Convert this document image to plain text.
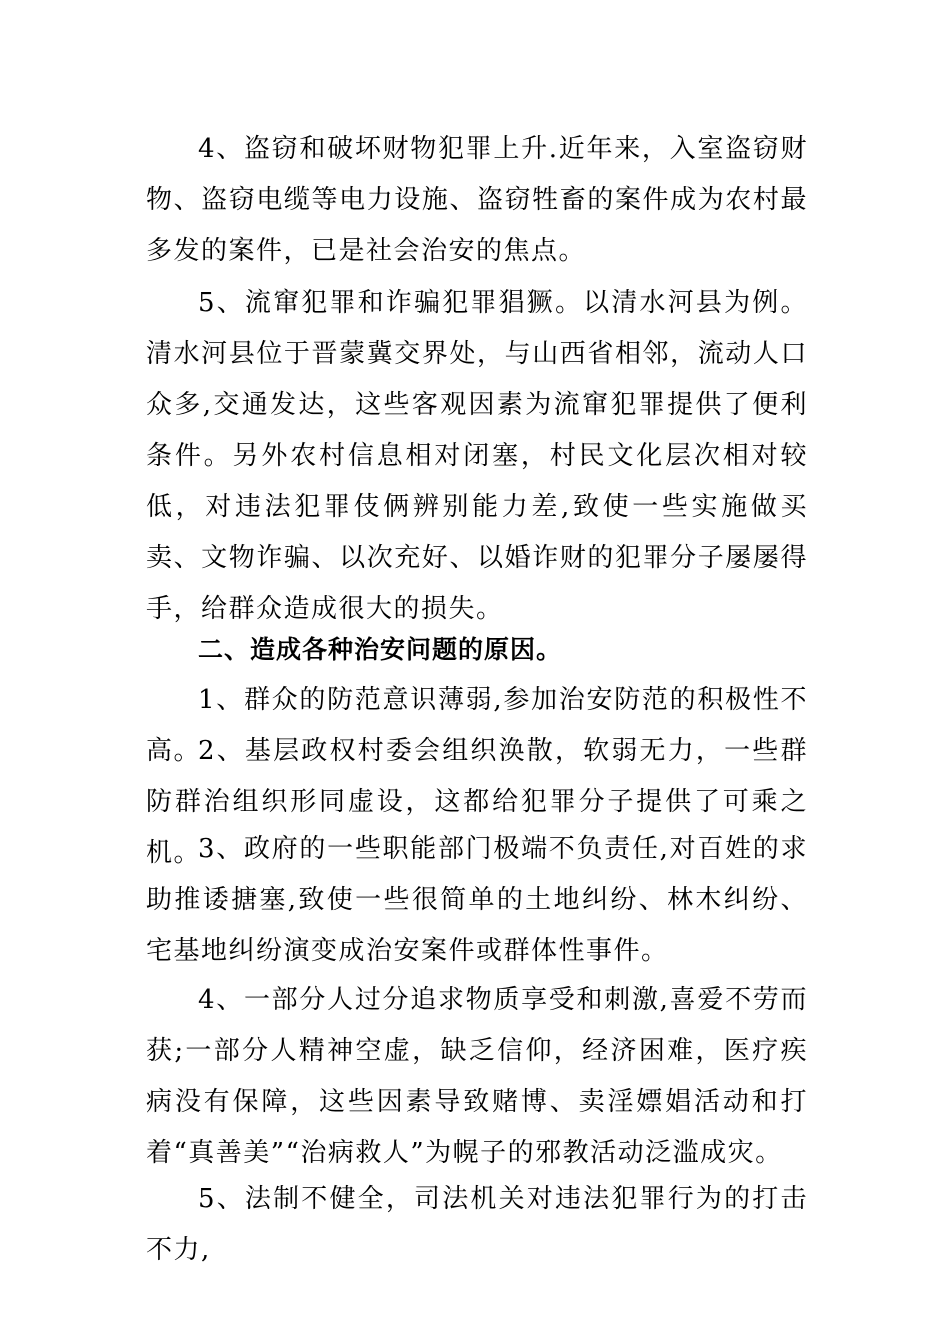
4、盗窃和破坏财物犯罪上升.近年来，入室盗窃财物、盗窃电缆等电力设施、盗窃牲畜的案件成为农村最多发的案件，已是社会治安的焦点。

5、流窜犯罪和诈骗犯罪猖獗。以清水河县为例。清水河县位于晋蒙冀交界处，与山西省相邻，流动人口众多,交通发达，这些客观因素为流窜犯罪提供了便利条件。另外农村信息相对闭塞，村民文化层次相对较低，对违法犯罪伎俩辨别能力差,致使一些实施做买卖、文物诈骗、以次充好、以婚诈财的犯罪分子屡屡得手，给群众造成很大的损失。

二、造成各种治安问题的原因。

1、群众的防范意识薄弱,参加治安防范的积极性不高。

2、基层政权村委会组织涣散，软弱无力，一些群防群治组织形同虚设，这都给犯罪分子提供了可乘之机。

3、政府的一些职能部门极端不负责任,对百姓的求助推诿搪塞,致使一些很简单的土地纠纷、林木纠纷、宅基地纠纷演变成治安案件或群体性事件。

4、一部分人过分追求物质享受和刺激,喜爱不劳而获;一部分人精神空虚，缺乏信仰，经济困难，医疗疾病没有保障，这些因素导致赌博、卖淫嫖娼活动和打着“真善美”“治病救人”为幌子的邪教活动泛滥成灾。

5、法制不健全，司法机关对违法犯罪行为的打击不力,
